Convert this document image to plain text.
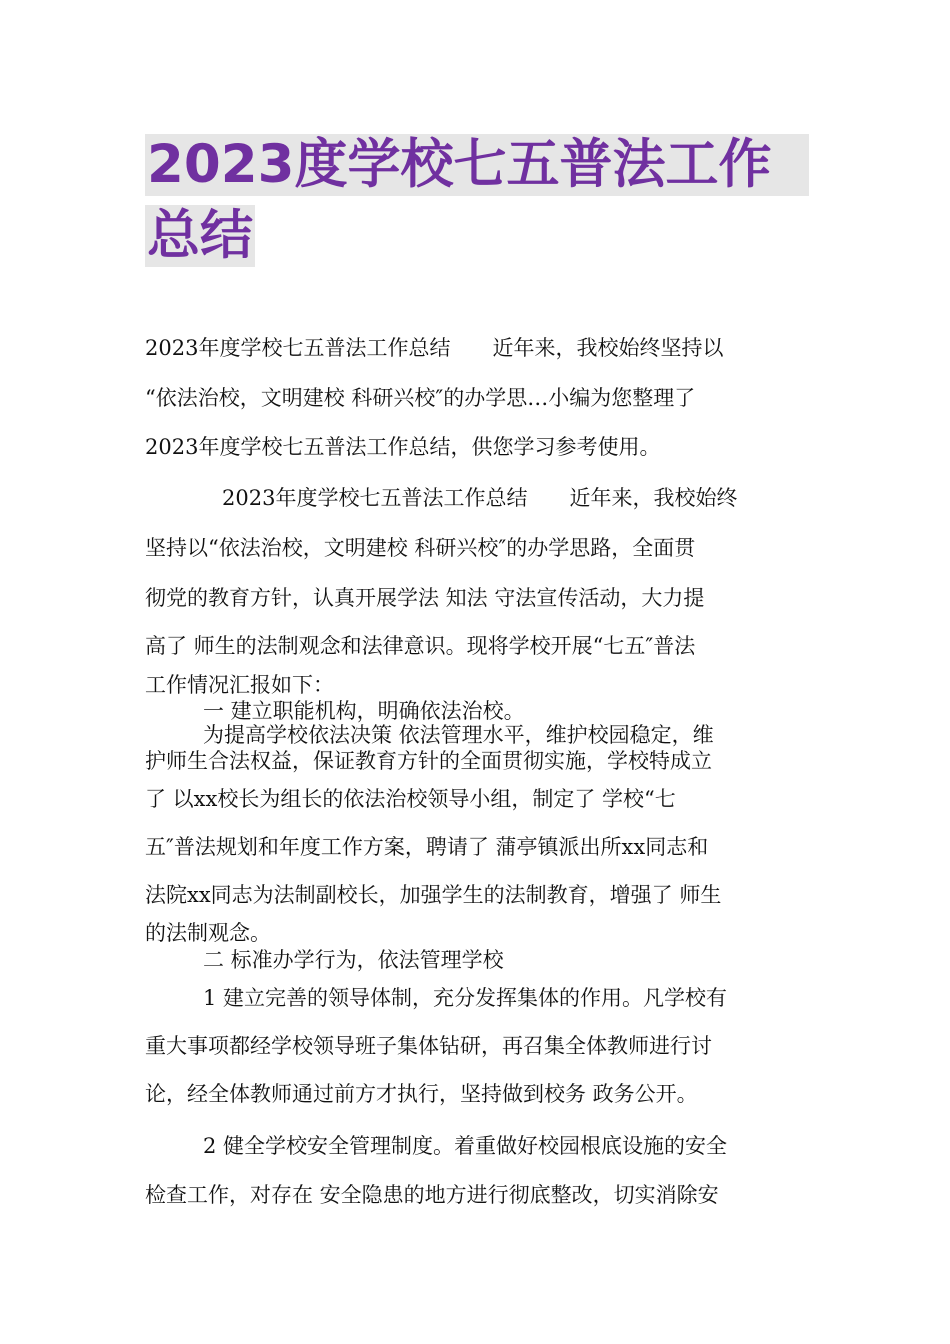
2023度学校七五普法工作
总结
2023年度学校七五普法工作总结　　近年来，我校始终坚持以
“依法治校，文明建校 科研兴校″的办学思…小编为您整理了
2023年度学校七五普法工作总结，供您学习参考使用。
2023年度学校七五普法工作总结　　近年来，我校始终
坚持以“依法治校，文明建校 科研兴校″的办学思路，全面贯
彻党的教育方针，认真开展学法 知法 守法宣传活动，大力提
高了 师生的法制观念和法律意识。现将学校开展“七五″普法
工作情况汇报如下：
一 建立职能机构，明确依法治校。
为提高学校依法决策 依法管理水平，维护校园稳定，维
护师生合法权益，保证教育方针的全面贯彻实施，学校特成立
了 以xx校长为组长的依法治校领导小组，制定了 学校“七
五″普法规划和年度工作方案，聘请了 蒲亭镇派出所xx同志和
法院xx同志为法制副校长，加强学生的法制教育，增强了 师生
的法制观念。
二 标准办学行为，依法管理学校
1 建立完善的领导体制，充分发挥集体的作用。凡学校有
重大事项都经学校领导班子集体钻研，再召集全体教师进行讨
论，经全体教师通过前方才执行，坚持做到校务 政务公开。
2 健全学校安全管理制度。着重做好校园根底设施的安全
检查工作，对存在 安全隐患的地方进行彻底整改，切实消除安
